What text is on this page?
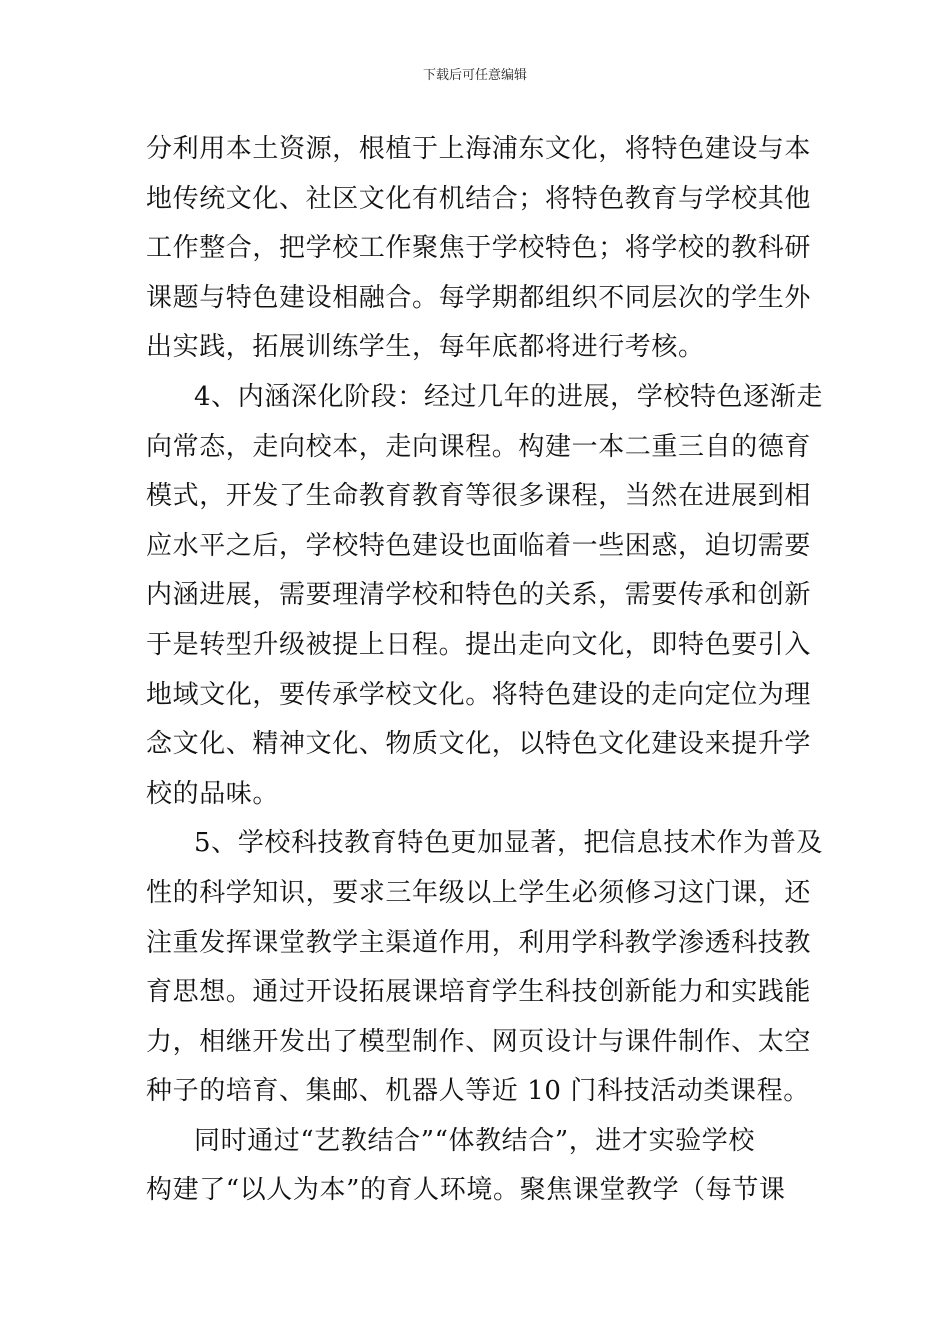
下载后可任意编辑
分利用本土资源，根植于上海浦东文化，将特色建设与本
地传统文化、社区文化有机结合；将特色教育与学校其他
工作整合，把学校工作聚焦于学校特色；将学校的教科研
课题与特色建设相融合。每学期都组织不同层次的学生外
出实践，拓展训练学生，每年底都将进行考核。
4、内涵深化阶段：经过几年的进展，学校特色逐渐走
向常态，走向校本，走向课程。构建一本二重三自的德育
模式，开发了生命教育教育等很多课程，当然在进展到相
应水平之后，学校特色建设也面临着一些困惑，迫切需要
内涵进展，需要理清学校和特色的关系，需要传承和创新
于是转型升级被提上日程。提出走向文化，即特色要引入
地域文化，要传承学校文化。将特色建设的走向定位为理
念文化、精神文化、物质文化，以特色文化建设来提升学
校的品味。
5、学校科技教育特色更加显著，把信息技术作为普及
性的科学知识，要求三年级以上学生必须修习这门课，还
注重发挥课堂教学主渠道作用，利用学科教学渗透科技教
育思想。通过开设拓展课培育学生科技创新能力和实践能
力，相继开发出了模型制作、网页设计与课件制作、太空
种子的培育、集邮、机器人等近 10 门科技活动类课程。
同时通过“艺教结合”“体教结合”，进才实验学校
构建了“以人为本”的育人环境。聚焦课堂教学（每节课
